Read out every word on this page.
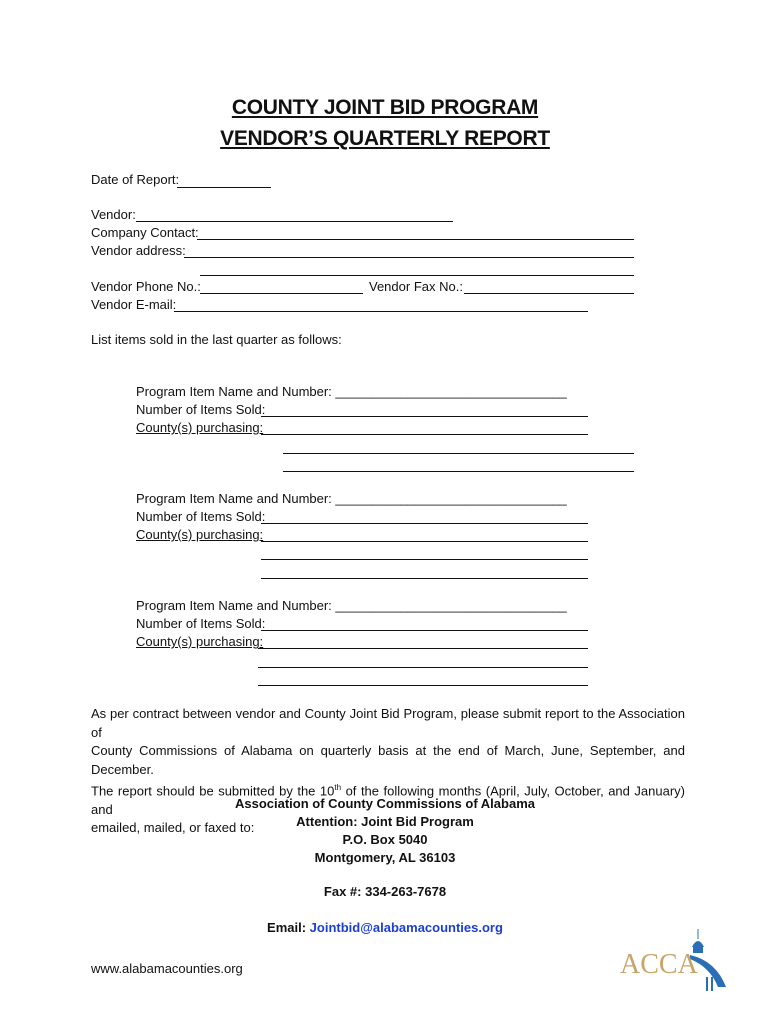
COUNTY JOINT BID PROGRAM
VENDOR’S QUARTERLY REPORT
Date of Report:
Vendor:
Company Contact:
Vendor address:
Vendor Phone No.:	Vendor Fax No.:
Vendor E-mail:
List items sold in the last quarter as follows:
Program Item Name and Number: ________________________________
Number of Items Sold:
County(s) purchasing:
Program Item Name and Number: ________________________________
Number of Items Sold:
County(s) purchasing:
Program Item Name and Number: ________________________________
Number of Items Sold:
County(s) purchasing:
As per contract between vendor and County Joint Bid Program, please submit report to the Association of
County Commissions of Alabama on quarterly basis at the end of March, June, September, and December.
The report should be submitted by the 10th of the following months (April, July, October, and January) and
emailed, mailed, or faxed to:
Association of County Commissions of Alabama
Attention: Joint Bid Program
P.O. Box 5040
Montgomery, AL 36103
Fax #: 334-263-7678
Email: Jointbid@alabamacounties.org
www.alabamacounties.org	ACCA
